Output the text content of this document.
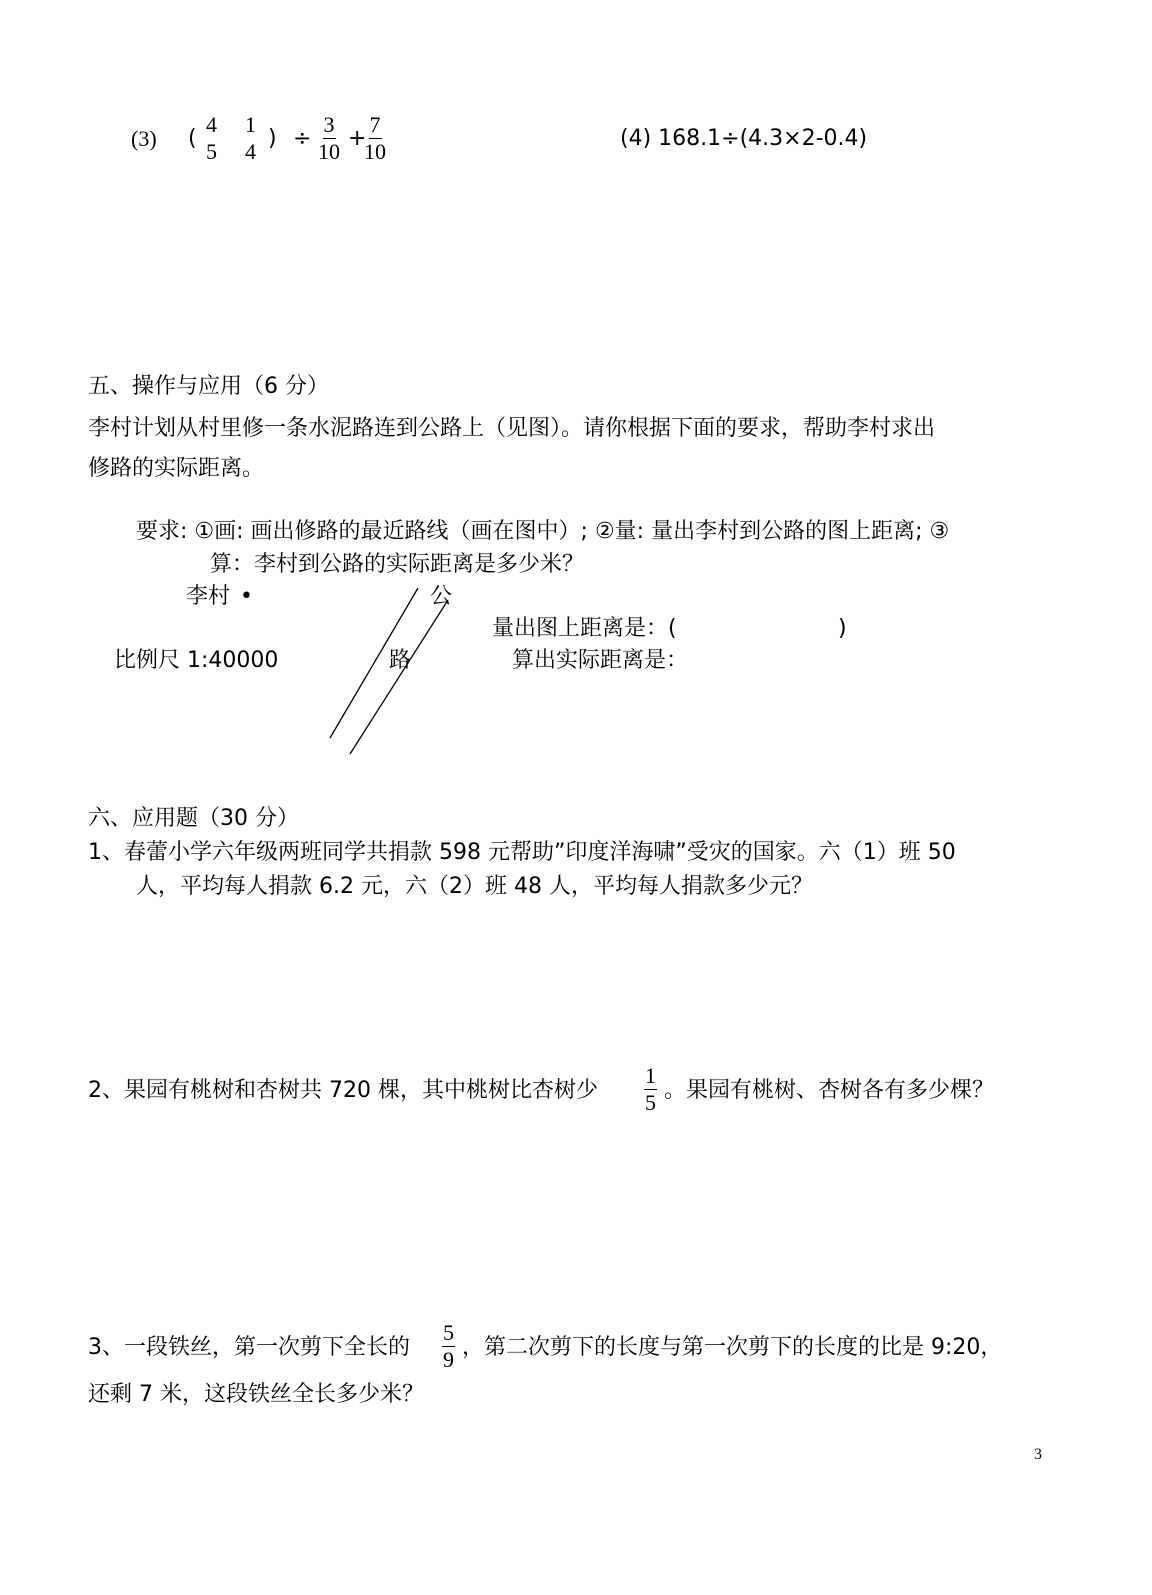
(3) (
4
5
1
4
) ÷ $\frac{3}{10}$ +
$\frac{7}{10}$	(4) 168.1÷(4.3×2-0.4)
五、操作与应用（6 分）
李村计划从村里修一条水泥路连到公路上（见图）。请你根据下面的要求，帮助李村求出
修路的实际距离。
要求: ①画: 画出修路的最近路线（画在图中）; ②量: 量出李村到公路的图上距离; ③
算：李村到公路的实际距离是多少米？
李村 •	公
路
比例尺 1:40000
量出图上距离是：(	)
算出实际距离是：
六、应用题（30 分）
1、春蕾小学六年级两班同学共捐款 598 元帮助”印度洋海啸”受灾的国家。六（1）班 50
人，平均每人捐款 6.2 元，六（2）班 48 人，平均每人捐款多少元？
2、果园有桃树和杏树共 720 棵，其中桃树比杏树少 $\frac{1}{5}$ 。果园有桃树、杏树各有多少棵？
3、一段铁丝，第一次剪下全长的 $\frac{5}{9}$ ，第二次剪下的长度与第一次剪下的长度的比是 9:20，
还剩 7 米，这段铁丝全长多少米？
3
